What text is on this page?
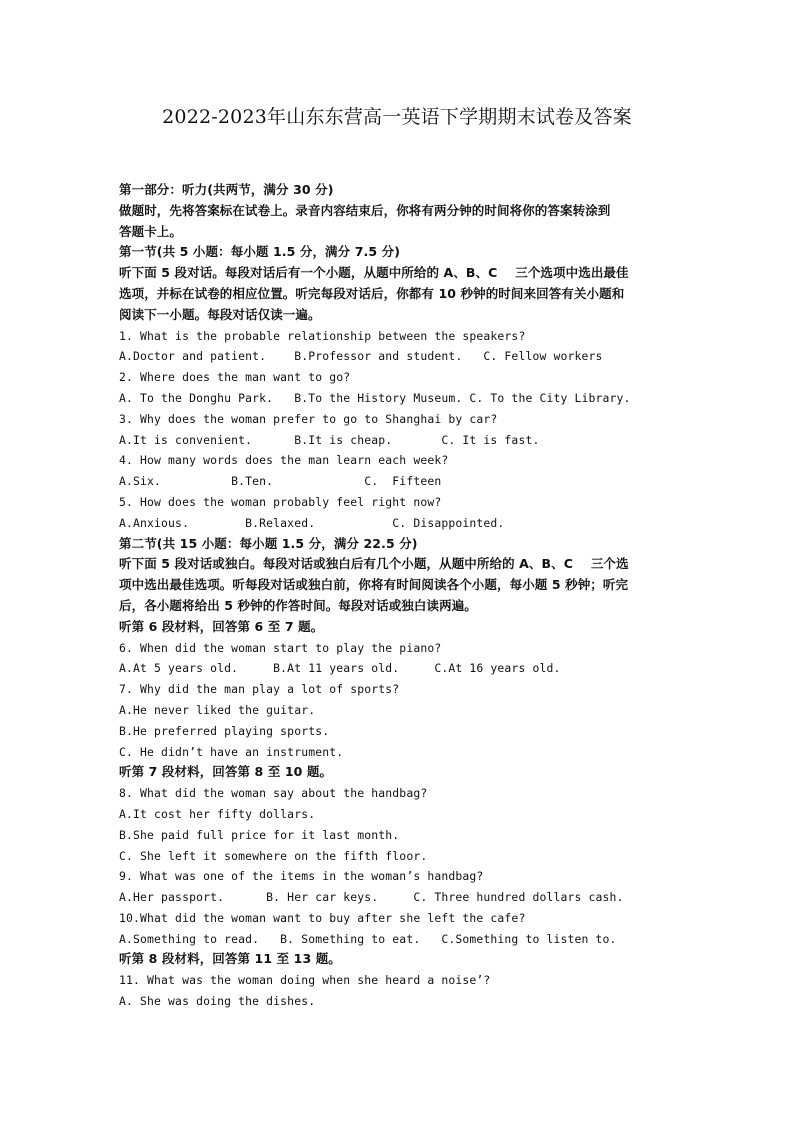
2022-2023年山东东营高一英语下学期期末试卷及答案
第一部分：听力(共两节，满分 30 分)
做题时，先将答案标在试卷上。录音内容结束后，你将有两分钟的时间将你的答案转涂到
答题卡上。
第一节(共 5 小题：每小题 1.5 分，满分 7.5 分)
听下面 5 段对话。每段对话后有一个小题，从题中所给的 A、B、C    三个选项中选出最佳
选项，并标在试卷的相应位置。听完每段对话后，你都有 10 秒钟的时间来回答有关小题和
阅读下一小题。每段对话仅读一遍。
1. What is the probable relationship between the speakers?
A.Doctor and patient.    B.Professor and student.   C. Fellow workers
2. Where does the man want to go?
A. To the Donghu Park.   B.To the History Museum. C. To the City Library.
3. Why does the woman prefer to go to Shanghai by car?
A.It is convenient.      B.It is cheap.       C. It is fast.
4. How many words does the man learn each week?
A.Six.          B.Ten.             C.  Fifteen
5. How does the woman probably feel right now?
A.Anxious.        B.Relaxed.           C. Disappointed.
第二节(共 15 小题：每小题 1.5 分，满分 22.5 分)
听下面 5 段对话或独白。每段对话或独白后有几个小题，从题中所给的 A、B、C    三个选
项中选出最佳选项。听每段对话或独白前，你将有时间阅读各个小题，每小题 5 秒钟；听完
后，各小题将给出 5 秒钟的作答时间。每段对话或独白读两遍。
听第 6 段材料，回答第 6 至 7 题。
6. When did the woman start to play the piano?
A.At 5 years old.     B.At 11 years old.     C.At 16 years old.
7. Why did the man play a lot of sports?
A.He never liked the guitar.
B.He preferred playing sports.
C. He didn’t have an instrument.
听第 7 段材料，回答第 8 至 10 题。
8. What did the woman say about the handbag?
A.It cost her fifty dollars.
B.She paid full price for it last month.
C. She left it somewhere on the fifth floor.
9. What was one of the items in the woman’s handbag?
A.Her passport.      B. Her car keys.     C. Three hundred dollars cash.
10.What did the woman want to buy after she left the cafe?
A.Something to read.   B. Something to eat.   C.Something to listen to.
听第 8 段材料，回答第 11 至 13 题。
11. What was the woman doing when she heard a noise’?
A. She was doing the dishes.
